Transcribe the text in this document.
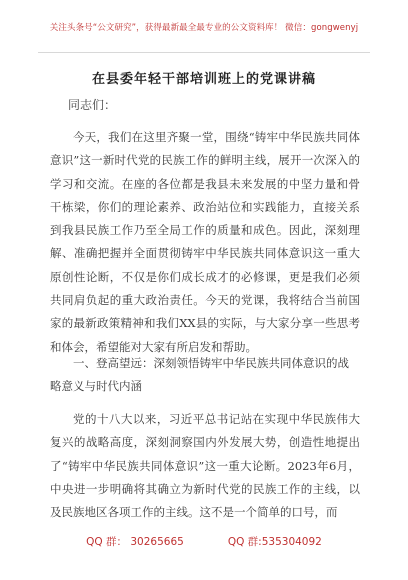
关注头条号“公文研究”，获得最新最全最专业的公文资料库！ 微信：gongwenyj
在县委年轻干部培训班上的党课讲稿
同志们：
今天，我们在这里齐聚一堂，围绕“铸牢中华民族共同体意识”这一新时代党的民族工作的鲜明主线，展开一次深入的学习和交流。在座的各位都是我县未来发展的中坚力量和骨干栋梁，你们的理论素养、政治站位和实践能力，直接关系到我县民族工作乃至全局工作的质量和成色。因此，深刻理解、准确把握并全面贯彻铸牢中华民族共同体意识这一重大原创性论断，不仅是你们成长成才的必修课，更是我们必须共同肩负起的重大政治责任。今天的党课，我将结合当前国家的最新政策精神和我们XX县的实际，与大家分享一些思考和体会，希望能对大家有所启发和帮助。
一、登高望远：深刻领悟铸牢中华民族共同体意识的战略意义与时代内涵
党的十八大以来，习近平总书记站在实现中华民族伟大复兴的战略高度，深刻洞察国内外发展大势，创造性地提出了“铸牢中华民族共同体意识”这一重大论断。2023年6月，中央进一步明确将其确立为新时代党的民族工作的主线，以及民族地区各项工作的主线。这不是一个简单的口号，而
QQ 群： 30265665	QQ 群:535304092
